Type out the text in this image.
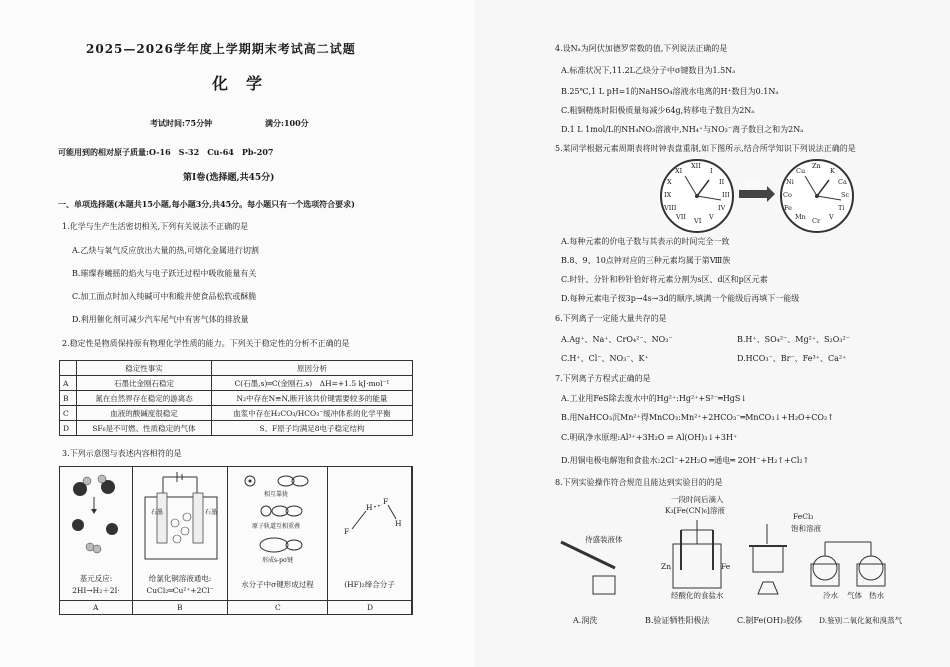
2025—2026学年度上学期期末考试高二试题
化学
考试时间:75分钟	满分:100分
可能用到的相对原子质量:O-16　S-32　Cu-64　Pb-207
第Ⅰ卷(选择题,共45分)
一、单项选择题(本题共15小题,每小题3分,共45分。每小题只有一个选项符合要求)
1.化学与生产生活密切相关,下列有关说法不正确的是
A.乙炔与氧气反应放出大量的热,可熔化金属进行切割
B.璀璨春曦摇的焰火与电子跃迁过程中吸收能量有关
C.加工面点时加入纯碱可中和酸并使食品松软或酥脆
D.利用催化剂可减少汽车尾气中有害气体的排放量
2.稳定性是物质保持原有物理化学性质的能力。下列关于稳定性的分析不正确的是
	稳定性事实	原因分析
A	石墨比金刚石稳定	C(石墨,s)═C(金刚石,s)　ΔH=+1.5 kJ·mol⁻¹
B	氮在自然界存在稳定的游离态	N₂中存在N≡N,断开该共价键需要较多的能量
C	血液的酸碱度很稳定	血浆中存在H₂CO₃/HCO₃⁻缓冲体系的化学平衡
D	SF₆是不可燃、性质稳定的气体	S、F原子均满足8电子稳定结构
3.下列示意图与表述内容相符的是
基元反应:
2HI→H₂＋2I·
石墨	石墨
给氯化铜溶液通电:
CuCl₂═Cu²⁺+2Cl⁻
相互靠拢
原子轨道互相重叠
形成s-pσ键
水分子中σ键形成过程
F
H
F
H
(HF)₂缔合分子
A	B	C	D
4.设Nₐ为阿伏加德罗常数的值,下列说法正确的是
A.标准状况下,11.2L乙炔分子中σ键数目为1.5Nₐ
B.25℃,1 L pH=1的NaHSO₄溶液水电离的H⁺数目为0.1Nₐ
C.粗铜精炼时阳极质量每减少64g,转移电子数目为2Nₐ
D.1 L 1mol/L的NH₄NO₃溶液中,NH₄⁺与NO₃⁻离子数目之和为2Nₐ
5.某同学根据元素周期表将时钟表盘重制,如下图所示,结合所学知识下列说法正确的是
重制
XII
I
II
III
IV
V
VI
VII
VIII
IX
X
XI
Zn
K
Ca
Sc
Ti
V
Cr
Mn
Fe
Co
Ni
Cu
A.每种元素的价电子数与其表示的时间完全一致
B.8、9、10点钟对应的三种元素均属于第Ⅷ族
C.时针、分针和秒针恰好将元素分割为s区、d区和p区元素
D.每种元素电子按3p→4s→3d的顺序,填满一个能级后再填下一能级
6.下列离子一定能大量共存的是
A.Ag⁺、Na⁺、CrO₄²⁻、NO₃⁻	B.H⁺、SO₄²⁻、Mg²⁺、S₂O₃²⁻
C.H⁺、Cl⁻、NO₃⁻、K⁺	D.HCO₃⁻、Br⁻、Fe³⁺、Ca²⁺
7.下列离子方程式正确的是
A.工业用FeS除去废水中的Hg²⁺:Hg²⁺+S²⁻═HgS↓
B.用NaHCO₃沉Mn²⁺得MnCO₃:Mn²⁺+2HCO₃⁻═MnCO₃↓+H₂O+CO₂↑
C.明矾净水原理:Al³⁺+3H₂O ⇌ Al(OH)₃↓+3H⁺
D.用铜电极电解饱和食盐水:2Cl⁻+2H₂O ═通电═ 2OH⁻+H₂↑+Cl₂↑
8.下列实验操作符合规范且能达到实验目的的是
待盛装液体
一段时间后滴入
K₃[Fe(CN)₆]溶液
Zn	Fe
经酸化的食盐水
FeCl₃
饱和溶液
冷水 气体 热水
A.润洗	B.验证牺牲阳极法	C.制Fe(OH)₃胶体 D.鉴别二氧化氮和溴蒸气
